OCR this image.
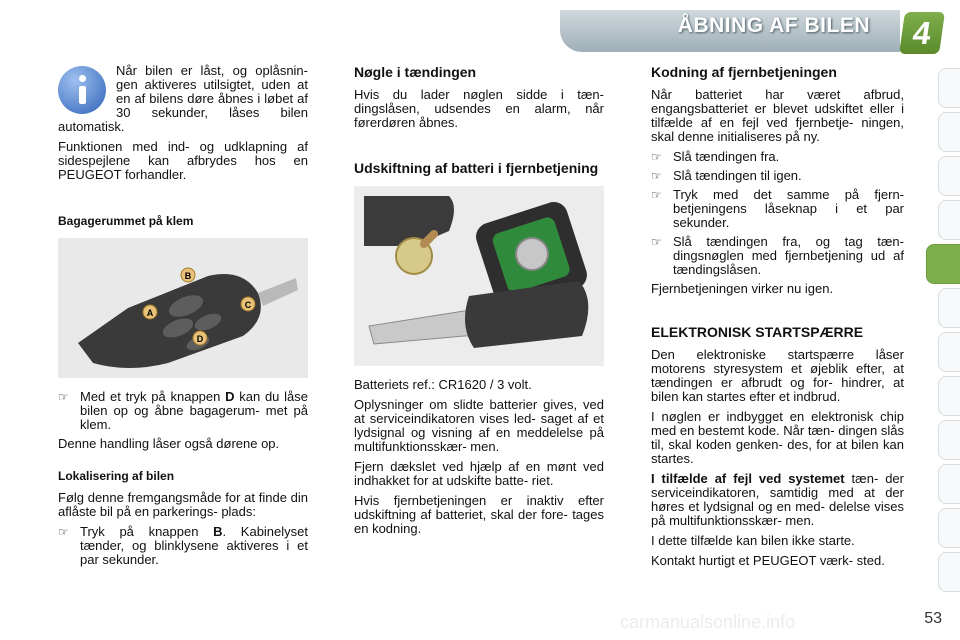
ÅBNING AF BILEN	4

Når bilen er låst, og oplåsnin- gen aktiveres utilsigtet, uden at en af bilens døre åbnes i løbet af 30 sekunder, låses bilen automatisk.

Funktionen med ind- og udklapning af sidespejlene kan afbrydes hos en PEUGEOT forhandler.

Bagagerummet på klem
B
A
C
D
☞ Med et tryk på knappen D kan du låse bilen op og åbne bagagerum- met på klem.

Denne handling låser også dørene op.

Lokalisering af bilen

Følg denne fremgangsmåde for at finde din aflåste bil på en parkerings- plads:

☞ Tryk på knappen B. Kabinelyset tænder, og blinklysene aktiveres i et par sekunder.
Nøgle i tændingen

Hvis du lader nøglen sidde i tæn- dingslåsen, udsendes en alarm, når førerdøren åbnes.

Udskiftning af batteri i fjernbetjening

Batteriets ref.: CR1620 / 3 volt.

Oplysninger om slidte batterier gives, ved at serviceindikatoren vises led- saget af et lydsignal og visning af en meddelelse på multifunktionsskær- men.

Fjern dækslet ved hjælp af en mønt ved indhakket for at udskifte batte- riet.

Hvis fjernbetjeningen er inaktiv efter udskiftning af batteriet, skal der fore- tages en kodning.

Kodning af fjernbetjeningen

Når batteriet har været afbrud, engangsbatteriet er blevet udskiftet eller i tilfælde af en fejl ved fjernbetje- ningen, skal denne initialiseres på ny.

☞ Slå tændingen fra.
☞ Slå tændingen til igen.
☞ Tryk med det samme på fjern- betjeningens låseknap i et par sekunder.
☞ Slå tændingen fra, og tag tæn- dingsnøglen med fjernbetjening ud af tændingslåsen.

Fjernbetjeningen virker nu igen.

ELEKTRONISK STARTSPÆRRE

Den elektroniske startspærre låser motorens styresystem et øjeblik efter, at tændingen er afbrudt og for- hindrer, at bilen kan startes efter et indbrud.

I nøglen er indbygget en elektronisk chip med en bestemt kode. Når tæn- dingen slås til, skal koden genken- des, for at bilen kan startes.

I tilfælde af fejl ved systemet tæn- der serviceindikatoren, samtidig med at der høres et lydsignal og en med- delelse vises på multifunktionsskær- men.

I dette tilfælde kan bilen ikke starte.

Kontakt hurtigt et PEUGEOT værk- sted.

carmanualsonline.info	53
